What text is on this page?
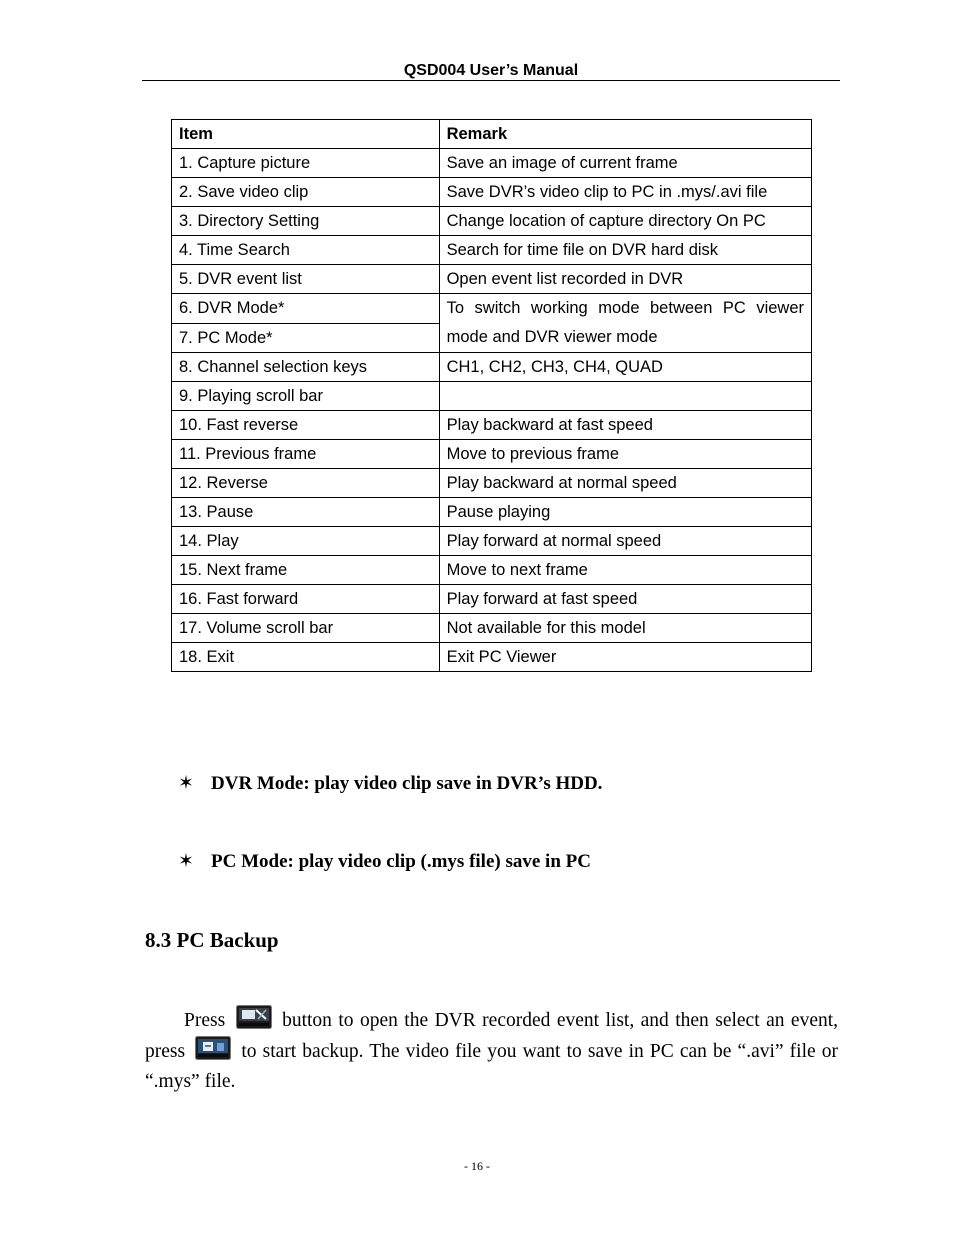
QSD004 User’s Manual
Item	Remark
1. Capture picture	Save an image of current frame
2. Save video clip	Save DVR’s video clip to PC in .mys/.avi file
3. Directory Setting	Change location of capture directory On PC
4. Time Search	Search for time file on DVR hard disk
5. DVR event list	Open event list recorded in DVR
6. DVR Mode*	To switch working mode between PC viewer mode and DVR viewer mode
7. PC Mode*	
8. Channel selection keys	CH1, CH2, CH3, CH4, QUAD
9. Playing scroll bar	
10. Fast reverse	Play backward at fast speed
11. Previous frame	Move to previous frame
12. Reverse	Play backward at normal speed
13. Pause	Pause playing
14. Play	Play forward at normal speed
15. Next frame	Move to next frame
16. Fast forward	Play forward at fast speed
17. Volume scroll bar	Not available for this model
18. Exit	Exit PC Viewer
✶ DVR Mode: play video clip save in DVR’s HDD.
✶ PC Mode: play video clip (.mys file) save in PC
8.3 PC Backup
Press	button to open the DVR recorded event list, and then select an event, press	to start backup. The video file you want to save in PC can be “.avi” file or “.mys” file.
- 16 -
